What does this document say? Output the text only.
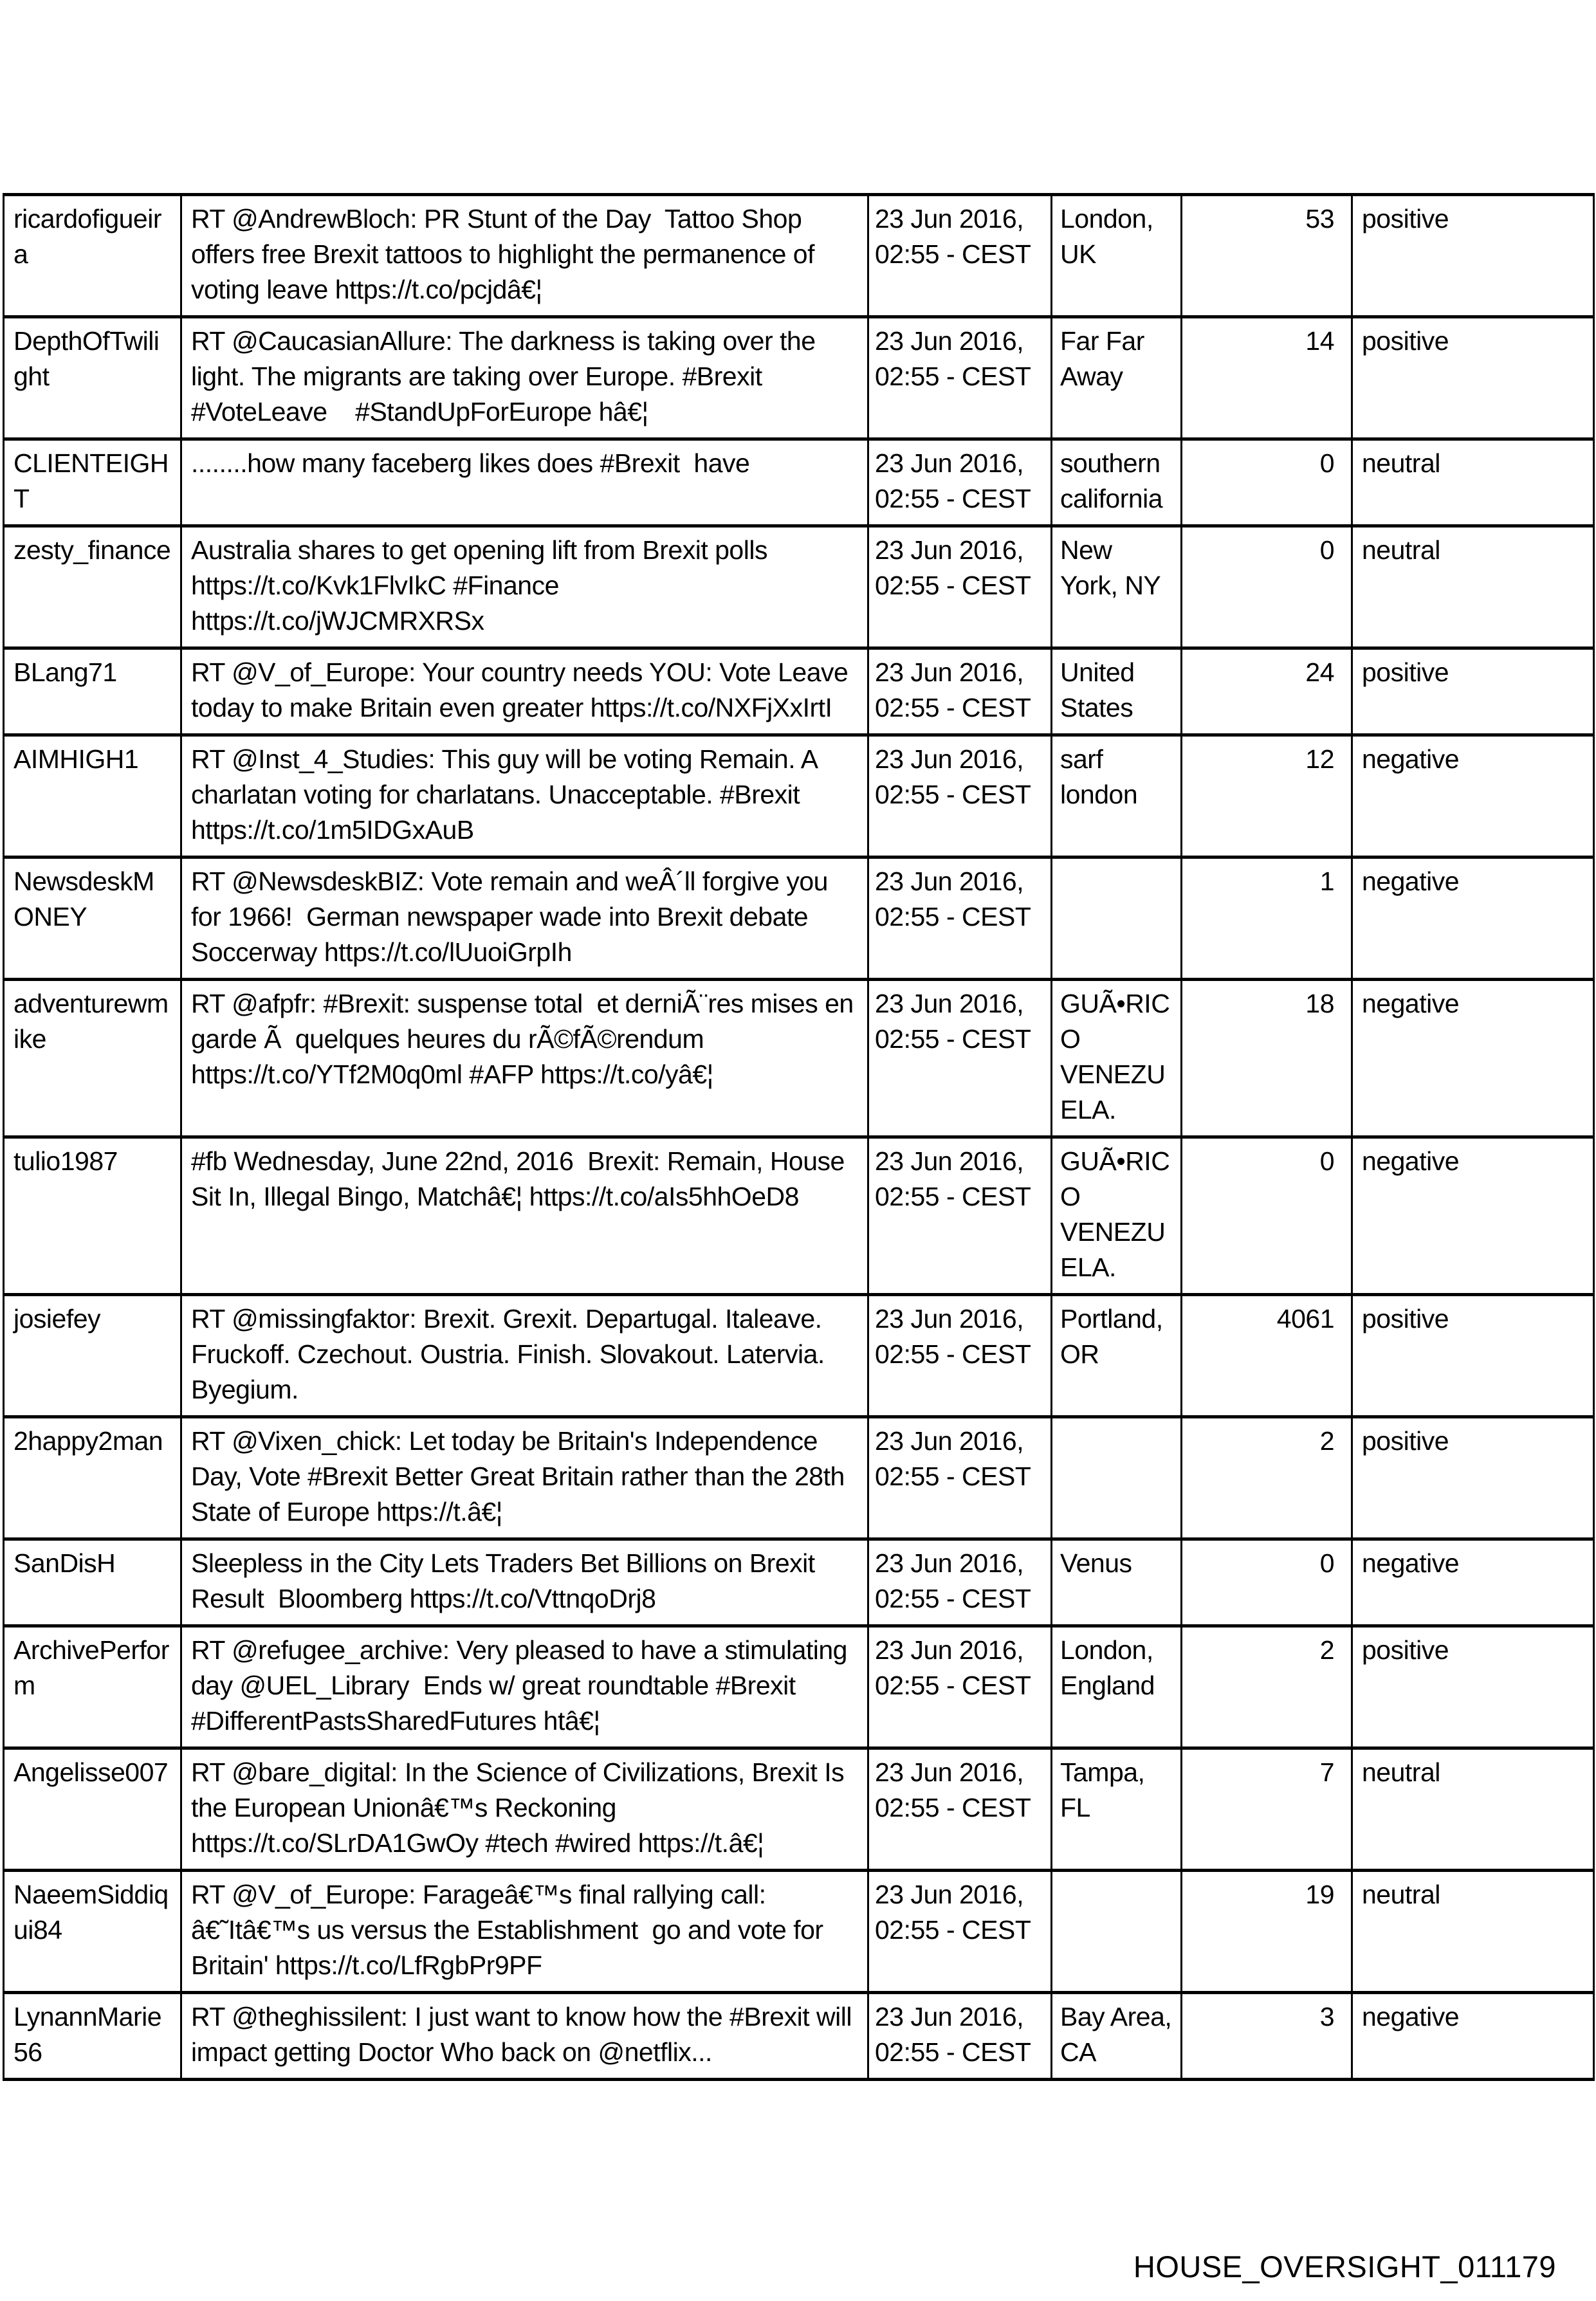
ricardofigueira	RT @AndrewBloch: PR Stunt of the Day  Tattoo Shop offers free Brexit tattoos to highlight the permanence of voting leave https://t.co/pcjdâ€¦	23 Jun 2016, 02:55 - CEST	London, UK	53	positive
DepthOfTwilight	RT @CaucasianAllure: The darkness is taking over the light. The migrants are taking over Europe. #Brexit #VoteLeave    #StandUpForEurope hâ€¦	23 Jun 2016, 02:55 - CEST	Far Far Away	14	positive
CLIENTEIGHT	........how many faceberg likes does #Brexit  have	23 Jun 2016, 02:55 - CEST	southern california	0	neutral
zesty_finance	Australia shares to get opening lift from Brexit polls https://t.co/Kvk1FlvIkC #Finance https://t.co/jWJCMRXRSx	23 Jun 2016, 02:55 - CEST	New York, NY	0	neutral
BLang71	RT @V_of_Europe: Your country needs YOU: Vote Leave today to make Britain even greater https://t.co/NXFjXxIrtI	23 Jun 2016, 02:55 - CEST	United States	24	positive
AIMHIGH1	RT @Inst_4_Studies: This guy will be voting Remain. A charlatan voting for charlatans. Unacceptable. #Brexit https://t.co/1m5IDGxAuB	23 Jun 2016, 02:55 - CEST	sarf london	12	negative
NewsdeskMONEY	RT @NewsdeskBIZ: Vote remain and weÂ´ll forgive you for 1966!  German newspaper wade into Brexit debate  Soccerway https://t.co/lUuoiGrpIh	23 Jun 2016, 02:55 - CEST		1	negative
adventurewmike	RT @afpfr: #Brexit: suspense total  et derniÃ¨res mises en garde Ã  quelques heures du rÃ©fÃ©rendum https://t.co/YTf2M0q0ml #AFP https://t.co/yâ€¦	23 Jun 2016, 02:55 - CEST	GUÃ•RICO VENEZUELA.	18	negative
tulio1987	#fb Wednesday, June 22nd, 2016  Brexit: Remain, House Sit In, Illegal Bingo, Matchâ€¦ https://t.co/aIs5hhOeD8	23 Jun 2016, 02:55 - CEST	GUÃ•RICO VENEZUELA.	0	negative
josiefey	RT @missingfaktor: Brexit. Grexit. Departugal. Italeave. Fruckoff. Czechout. Oustria. Finish. Slovakout. Latervia. Byegium.	23 Jun 2016, 02:55 - CEST	Portland, OR	4061	positive
2happy2man	RT @Vixen_chick: Let today be Britain's Independence Day, Vote #Brexit Better Great Britain rather than the 28th State of Europe https://t.â€¦	23 Jun 2016, 02:55 - CEST		2	positive
SanDisH	Sleepless in the City Lets Traders Bet Billions on Brexit Result  Bloomberg https://t.co/VttnqoDrj8	23 Jun 2016, 02:55 - CEST	Venus	0	negative
ArchivePerform	RT @refugee_archive: Very pleased to have a stimulating day @UEL_Library  Ends w/ great roundtable #Brexit  #DifferentPastsSharedFutures htâ€¦	23 Jun 2016, 02:55 - CEST	London, England	2	positive
Angelisse007	RT @bare_digital: In the Science of Civilizations, Brexit Is the European Unionâ€™s Reckoning https://t.co/SLrDA1GwOy #tech #wired https://t.â€¦	23 Jun 2016, 02:55 - CEST	Tampa, FL	7	neutral
NaeemSiddiqui84	RT @V_of_Europe: Farageâ€™s final rallying call: â€˜Itâ€™s us versus the Establishment  go and vote for Britain' https://t.co/LfRgbPr9PF	23 Jun 2016, 02:55 - CEST		19	neutral
LynannMarie56	RT @theghissilent: I just want to know how the #Brexit will impact getting Doctor Who back on @netflix...	23 Jun 2016, 02:55 - CEST	Bay Area, CA	3	negative
HOUSE_OVERSIGHT_011179
